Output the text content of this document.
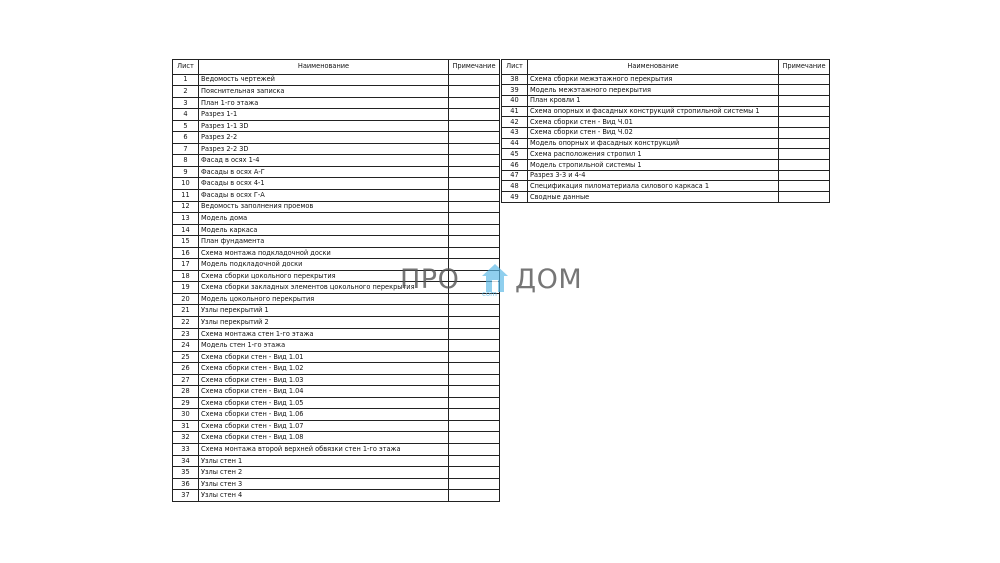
Лист	Наименование	Примечание
1	Ведомость чертежей	
2	Пояснительная записка	
3	План 1-го этажа	
4	Разрез 1-1	
5	Разрез 1-1 3D	
6	Разрез 2-2	
7	Разрез 2-2 3D	
8	Фасад в осях 1-4	
9	Фасады в осях А-Г	
10	Фасады в осях 4-1	
11	Фасады в осях Г-А	
12	Ведомость заполнения проемов	
13	Модель дома	
14	Модель каркаса	
15	План фундамента	
16	Схема монтажа подкладочной доски	
17	Модель подкладочной доски	
18	Схема сборки цокольного перекрытия	
19	Схема сборки закладных элементов цокольного перекрытия	
20	Модель цокольного перекрытия	
21	Узлы перекрытий 1	
22	Узлы перекрытий 2	
23	Схема монтажа стен 1-го этажа	
24	Модель стен 1-го этажа	
25	Схема сборки стен - Вид 1.01	
26	Схема сборки стен - Вид 1.02	
27	Схема сборки стен - Вид 1.03	
28	Схема сборки стен - Вид 1.04	
29	Схема сборки стен - Вид 1.05	
30	Схема сборки стен - Вид 1.06	
31	Схема сборки стен - Вид 1.07	
32	Схема сборки стен - Вид 1.08	
33	Схема монтажа второй верхней обвязки стен 1-го этажа	
34	Узлы стен 1	
35	Узлы стен 2	
36	Узлы стен 3	
37	Узлы стен 4	
Лист	Наименование	Примечание
38	Схема сборки межэтажного перекрытия	
39	Модель межэтажного перекрытия	
40	План кровли 1	
41	Схема опорных и фасадных конструкций стропильной системы 1	
42	Схема сборки стен - Вид Ч.01	
43	Схема сборки стен - Вид Ч.02	
44	Модель опорных и фасадных конструкций	
45	Схема расположения стропил 1	
46	Модель стропильной системы 1	
47	Разрез 3-3 и 4-4	
48	Спецификация пиломатериала силового каркаса 1	
49	Сводные данные	
ПРО	com ДОМ
